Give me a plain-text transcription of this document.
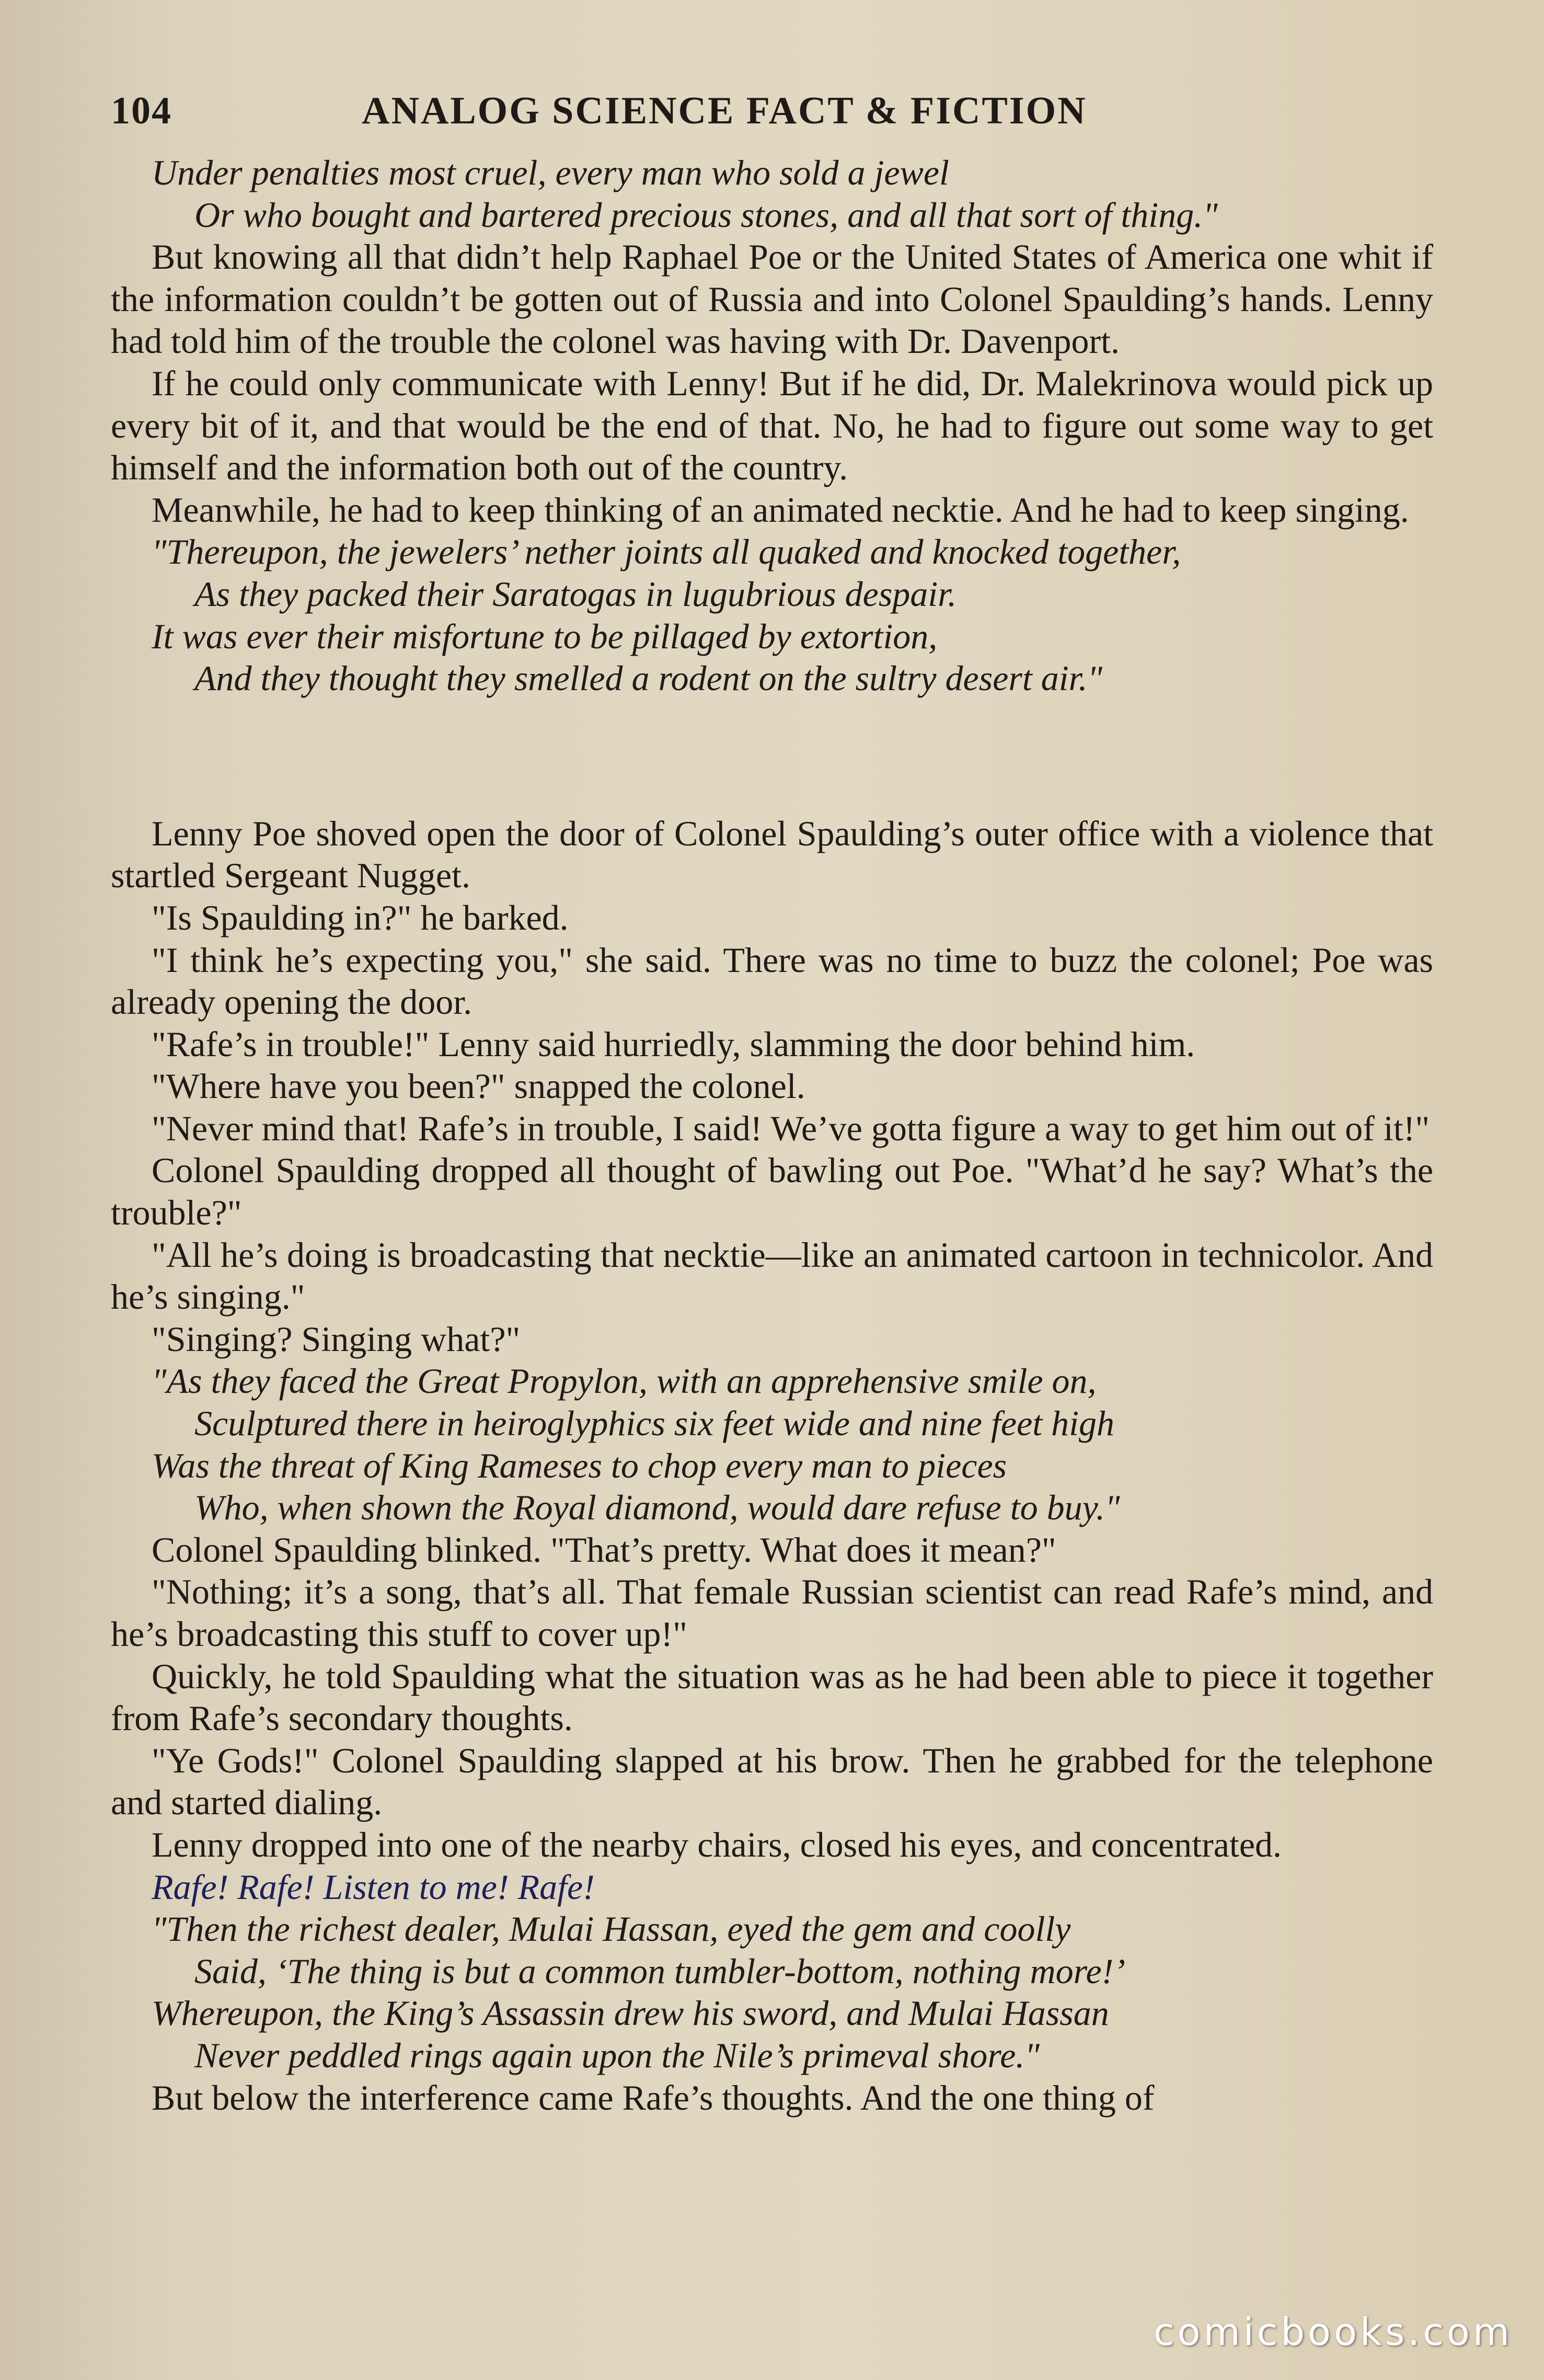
104	ANALOG SCIENCE FACT & FICTION

Under penalties most cruel, every man who sold a jewel

Or who bought and bartered precious stones, and all that sort of thing."

But knowing all that didn’t help Raphael Poe or the United States of America one whit if the information couldn’t be gotten out of Russia and into Colonel Spaulding’s hands. Lenny had told him of the trouble the colonel was having with Dr. Davenport.

If he could only communicate with Lenny! But if he did, Dr. Malekrinova would pick up every bit of it, and that would be the end of that. No, he had to figure out some way to get himself and the information both out of the country.

Meanwhile, he had to keep thinking of an animated necktie. And he had to keep singing.

"Thereupon, the jewelers’ nether joints all quaked and knocked together,

As they packed their Saratogas in lugubrious despair.

It was ever their misfortune to be pillaged by extortion,

And they thought they smelled a rodent on the sultry desert air."

Lenny Poe shoved open the door of Colonel Spaulding’s outer office with a violence that startled Sergeant Nugget.

"Is Spaulding in?" he barked.

"I think he’s expecting you," she said. There was no time to buzz the colonel; Poe was already opening the door.

"Rafe’s in trouble!" Lenny said hurriedly, slamming the door behind him.

"Where have you been?" snapped the colonel.

"Never mind that! Rafe’s in trouble, I said! We’ve gotta figure a way to get him out of it!"

Colonel Spaulding dropped all thought of bawling out Poe. "What’d he say? What’s the trouble?"

"All he’s doing is broadcasting that necktie—like an animated cartoon in technicolor. And he’s singing."

"Singing? Singing what?"

"As they faced the Great Propylon, with an apprehensive smile on,

Sculptured there in heiroglyphics six feet wide and nine feet high

Was the threat of King Rameses to chop every man to pieces

Who, when shown the Royal diamond, would dare refuse to buy."

Colonel Spaulding blinked. "That’s pretty. What does it mean?"

"Nothing; it’s a song, that’s all. That female Russian scientist can read Rafe’s mind, and he’s broadcasting this stuff to cover up!"

Quickly, he told Spaulding what the situation was as he had been able to piece it together from Rafe’s secondary thoughts.

"Ye Gods!" Colonel Spaulding slapped at his brow. Then he grabbed for the telephone and started dialing.

Lenny dropped into one of the nearby chairs, closed his eyes, and concentrated.

Rafe! Rafe! Listen to me! Rafe!

"Then the richest dealer, Mulai Hassan, eyed the gem and coolly

Said, ‘The thing is but a common tumbler-bottom, nothing more!’

Whereupon, the King’s Assassin drew his sword, and Mulai Hassan

Never peddled rings again upon the Nile’s primeval shore."

But below the interference came Rafe’s thoughts. And the one thing of

comicbooks.com
